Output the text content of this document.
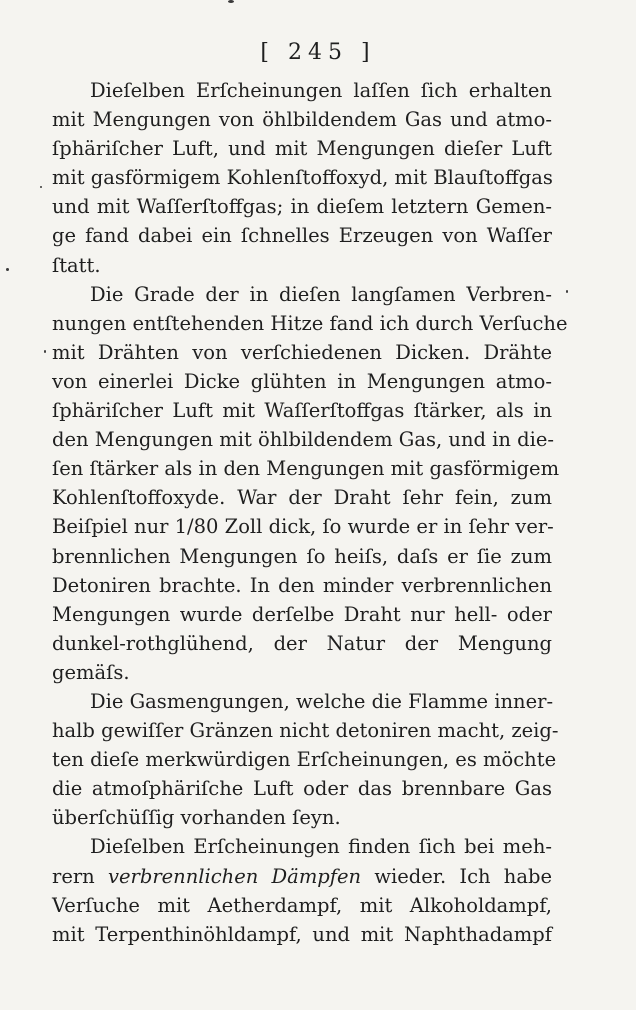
[ 245 ]
Dieſelben Erſcheinungen laſſen ſich erhalten
mit Mengungen von öhlbildendem Gas und atmo-
ſphäriſcher Luft, und mit Mengungen dieſer Luft
mit gasförmigem Kohlenſtoffoxyd, mit Blauſtoffgas
und mit Waſſerſtoffgas; in dieſem letztern Gemen-
ge fand dabei ein ſchnelles Erzeugen von Waſſer
ſtatt.
Die Grade der in dieſen langſamen Verbren-
nungen entſtehenden Hitze fand ich durch Verſuche
mit Drähten von verſchiedenen Dicken. Drähte
von einerlei Dicke glühten in Mengungen atmo-
ſphäriſcher Luft mit Waſſerſtoffgas ſtärker, als in
den Mengungen mit öhlbildendem Gas, und in die-
ſen ſtärker als in den Mengungen mit gasförmigem
Kohlenſtoffoxyde. War der Draht ſehr fein, zum
Beiſpiel nur 1/80 Zoll dick, ſo wurde er in ſehr ver-
brennlichen Mengungen ſo heiſs, daſs er ſie zum
Detoniren brachte. In den minder verbrennlichen
Mengungen wurde derſelbe Draht nur hell- oder
dunkel-rothglühend, der Natur der Mengung
gemäſs.
Die Gasmengungen, welche die Flamme inner-
halb gewiſſer Gränzen nicht detoniren macht, zeig-
ten dieſe merkwürdigen Erſcheinungen, es möchte
die atmoſphäriſche Luft oder das brennbare Gas
überſchüſſig vorhanden ſeyn.
Dieſelben Erſcheinungen finden ſich bei meh-
rern verbrennlichen Dämpfen wieder. Ich habe
Verſuche mit Aetherdampf, mit Alkoholdampf,
mit Terpenthinöhldampf, und mit Naphthadampf
